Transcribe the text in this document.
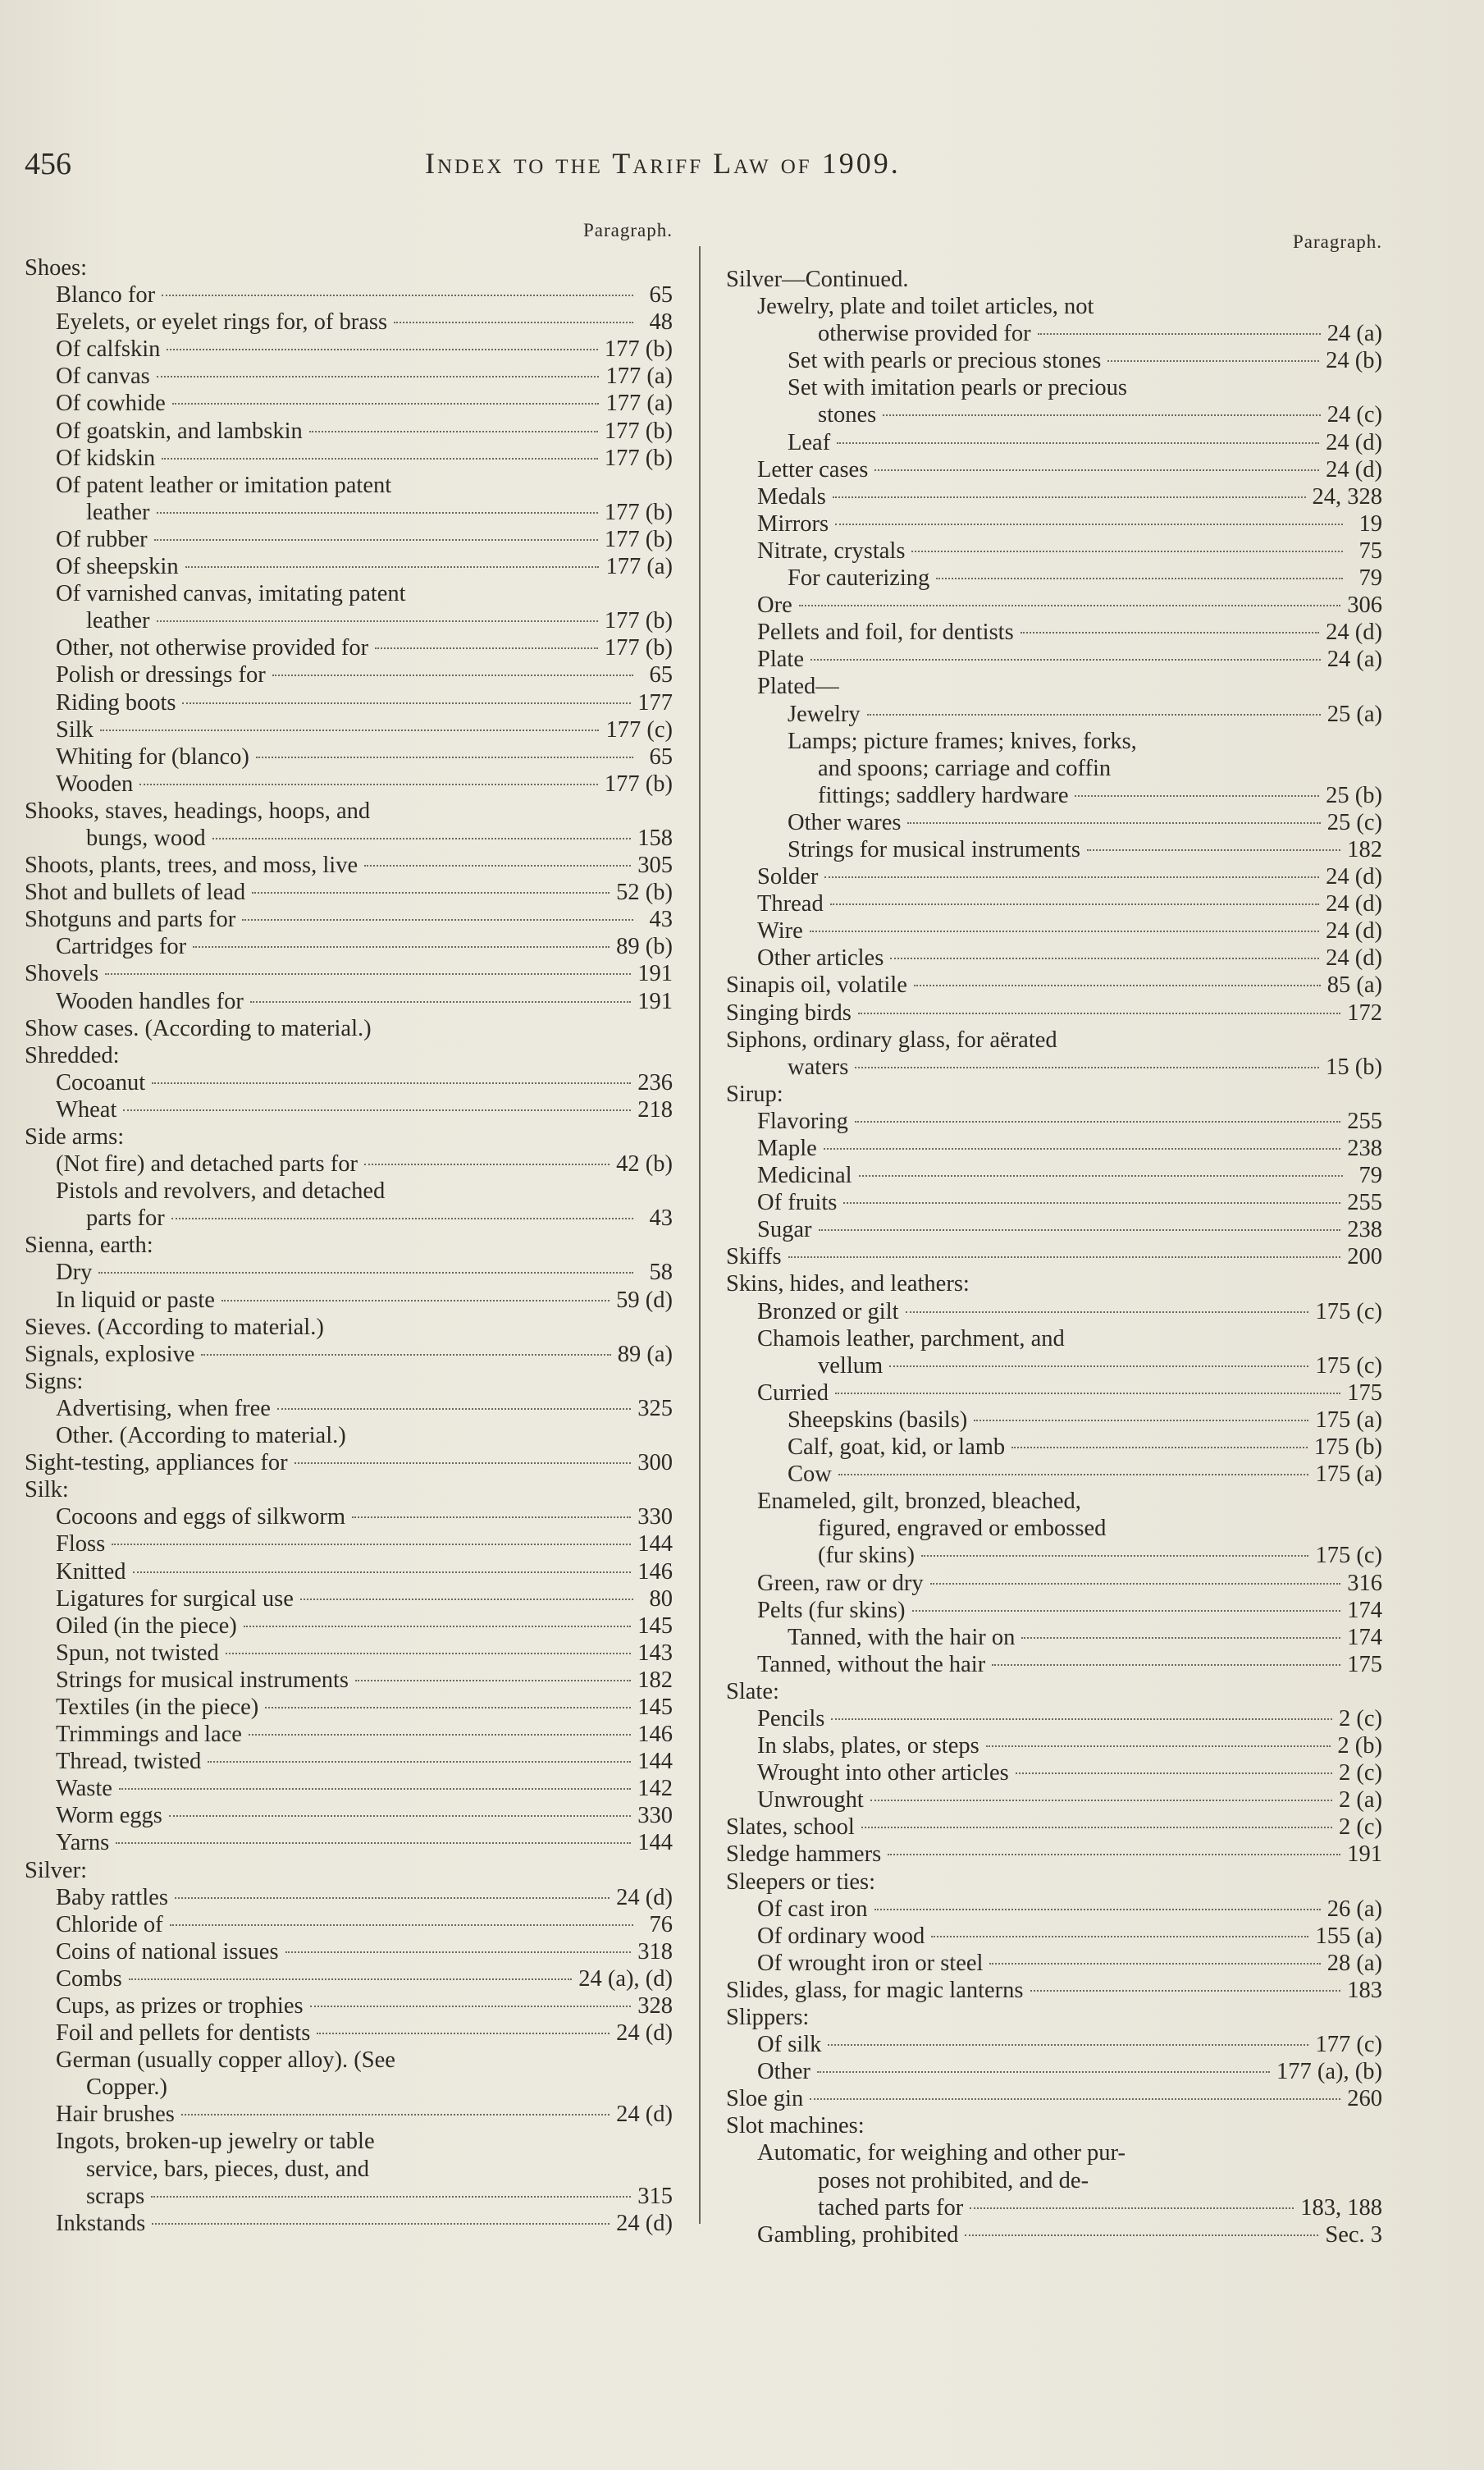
456	Index to the Tariff Law of 1909.
Paragraph.
Shoes:
Blanco for	65
Eyelets, or eyelet rings for, of brass	48
Of calfskin	177 (b)
Of canvas	177 (a)
Of cowhide	177 (a)
Of goatskin, and lambskin	177 (b)
Of kidskin	177 (b)
Of patent leather or imitation patent
leather	177 (b)
Of rubber	177 (b)
Of sheepskin	177 (a)
Of varnished canvas, imitating patent
leather	177 (b)
Other, not otherwise provided for	177 (b)
Polish or dressings for	65
Riding boots	177
Silk	177 (c)
Whiting for (blanco)	65
Wooden	177 (b)
Shooks, staves, headings, hoops, and
bungs, wood	158
Shoots, plants, trees, and moss, live	305
Shot and bullets of lead	52 (b)
Shotguns and parts for	43
Cartridges for	89 (b)
Shovels	191
Wooden handles for	191
Show cases. (According to material.)
Shredded:
Cocoanut	236
Wheat	218
Side arms:
(Not fire) and detached parts for	42 (b)
Pistols and revolvers, and detached
parts for	43
Sienna, earth:
Dry	58
In liquid or paste	59 (d)
Sieves. (According to material.)
Signals, explosive	89 (a)
Signs:
Advertising, when free	325
Other. (According to material.)
Sight-testing, appliances for	300
Silk:
Cocoons and eggs of silkworm	330
Floss	144
Knitted	146
Ligatures for surgical use	80
Oiled (in the piece)	145
Spun, not twisted	143
Strings for musical instruments	182
Textiles (in the piece)	145
Trimmings and lace	146
Thread, twisted	144
Waste	142
Worm eggs	330
Yarns	144
Silver:
Baby rattles	24 (d)
Chloride of	76
Coins of national issues	318
Combs	24 (a), (d)
Cups, as prizes or trophies	328
Foil and pellets for dentists	24 (d)
German (usually copper alloy). (See
Copper.)
Hair brushes	24 (d)
Ingots, broken-up jewelry or table
service, bars, pieces, dust, and
scraps	315
Inkstands	24 (d)
Paragraph.
Silver—Continued.
Jewelry, plate and toilet articles, not
otherwise provided for	24 (a)
Set with pearls or precious stones	24 (b)
Set with imitation pearls or precious
stones	24 (c)
Leaf	24 (d)
Letter cases	24 (d)
Medals	24, 328
Mirrors	19
Nitrate, crystals	75
For cauterizing	79
Ore	306
Pellets and foil, for dentists	24 (d)
Plate	24 (a)
Plated—
Jewelry	25 (a)
Lamps; picture frames; knives, forks,
and spoons; carriage and coffin
fittings; saddlery hardware	25 (b)
Other wares	25 (c)
Strings for musical instruments	182
Solder	24 (d)
Thread	24 (d)
Wire	24 (d)
Other articles	24 (d)
Sinapis oil, volatile	85 (a)
Singing birds	172
Siphons, ordinary glass, for aërated
waters	15 (b)
Sirup:
Flavoring	255
Maple	238
Medicinal	79
Of fruits	255
Sugar	238
Skiffs	200
Skins, hides, and leathers:
Bronzed or gilt	175 (c)
Chamois leather, parchment, and
vellum	175 (c)
Curried	175
Sheepskins (basils)	175 (a)
Calf, goat, kid, or lamb	175 (b)
Cow	175 (a)
Enameled, gilt, bronzed, bleached,
figured, engraved or embossed
(fur skins)	175 (c)
Green, raw or dry	316
Pelts (fur skins)	174
Tanned, with the hair on	174
Tanned, without the hair	175
Slate:
Pencils	2 (c)
In slabs, plates, or steps	2 (b)
Wrought into other articles	2 (c)
Unwrought	2 (a)
Slates, school	2 (c)
Sledge hammers	191
Sleepers or ties:
Of cast iron	26 (a)
Of ordinary wood	155 (a)
Of wrought iron or steel	28 (a)
Slides, glass, for magic lanterns	183
Slippers:
Of silk	177 (c)
Other	177 (a), (b)
Sloe gin	260
Slot machines:
Automatic, for weighing and other pur-
poses not prohibited, and de-
tached parts for	183, 188
Gambling, prohibited	Sec. 3
